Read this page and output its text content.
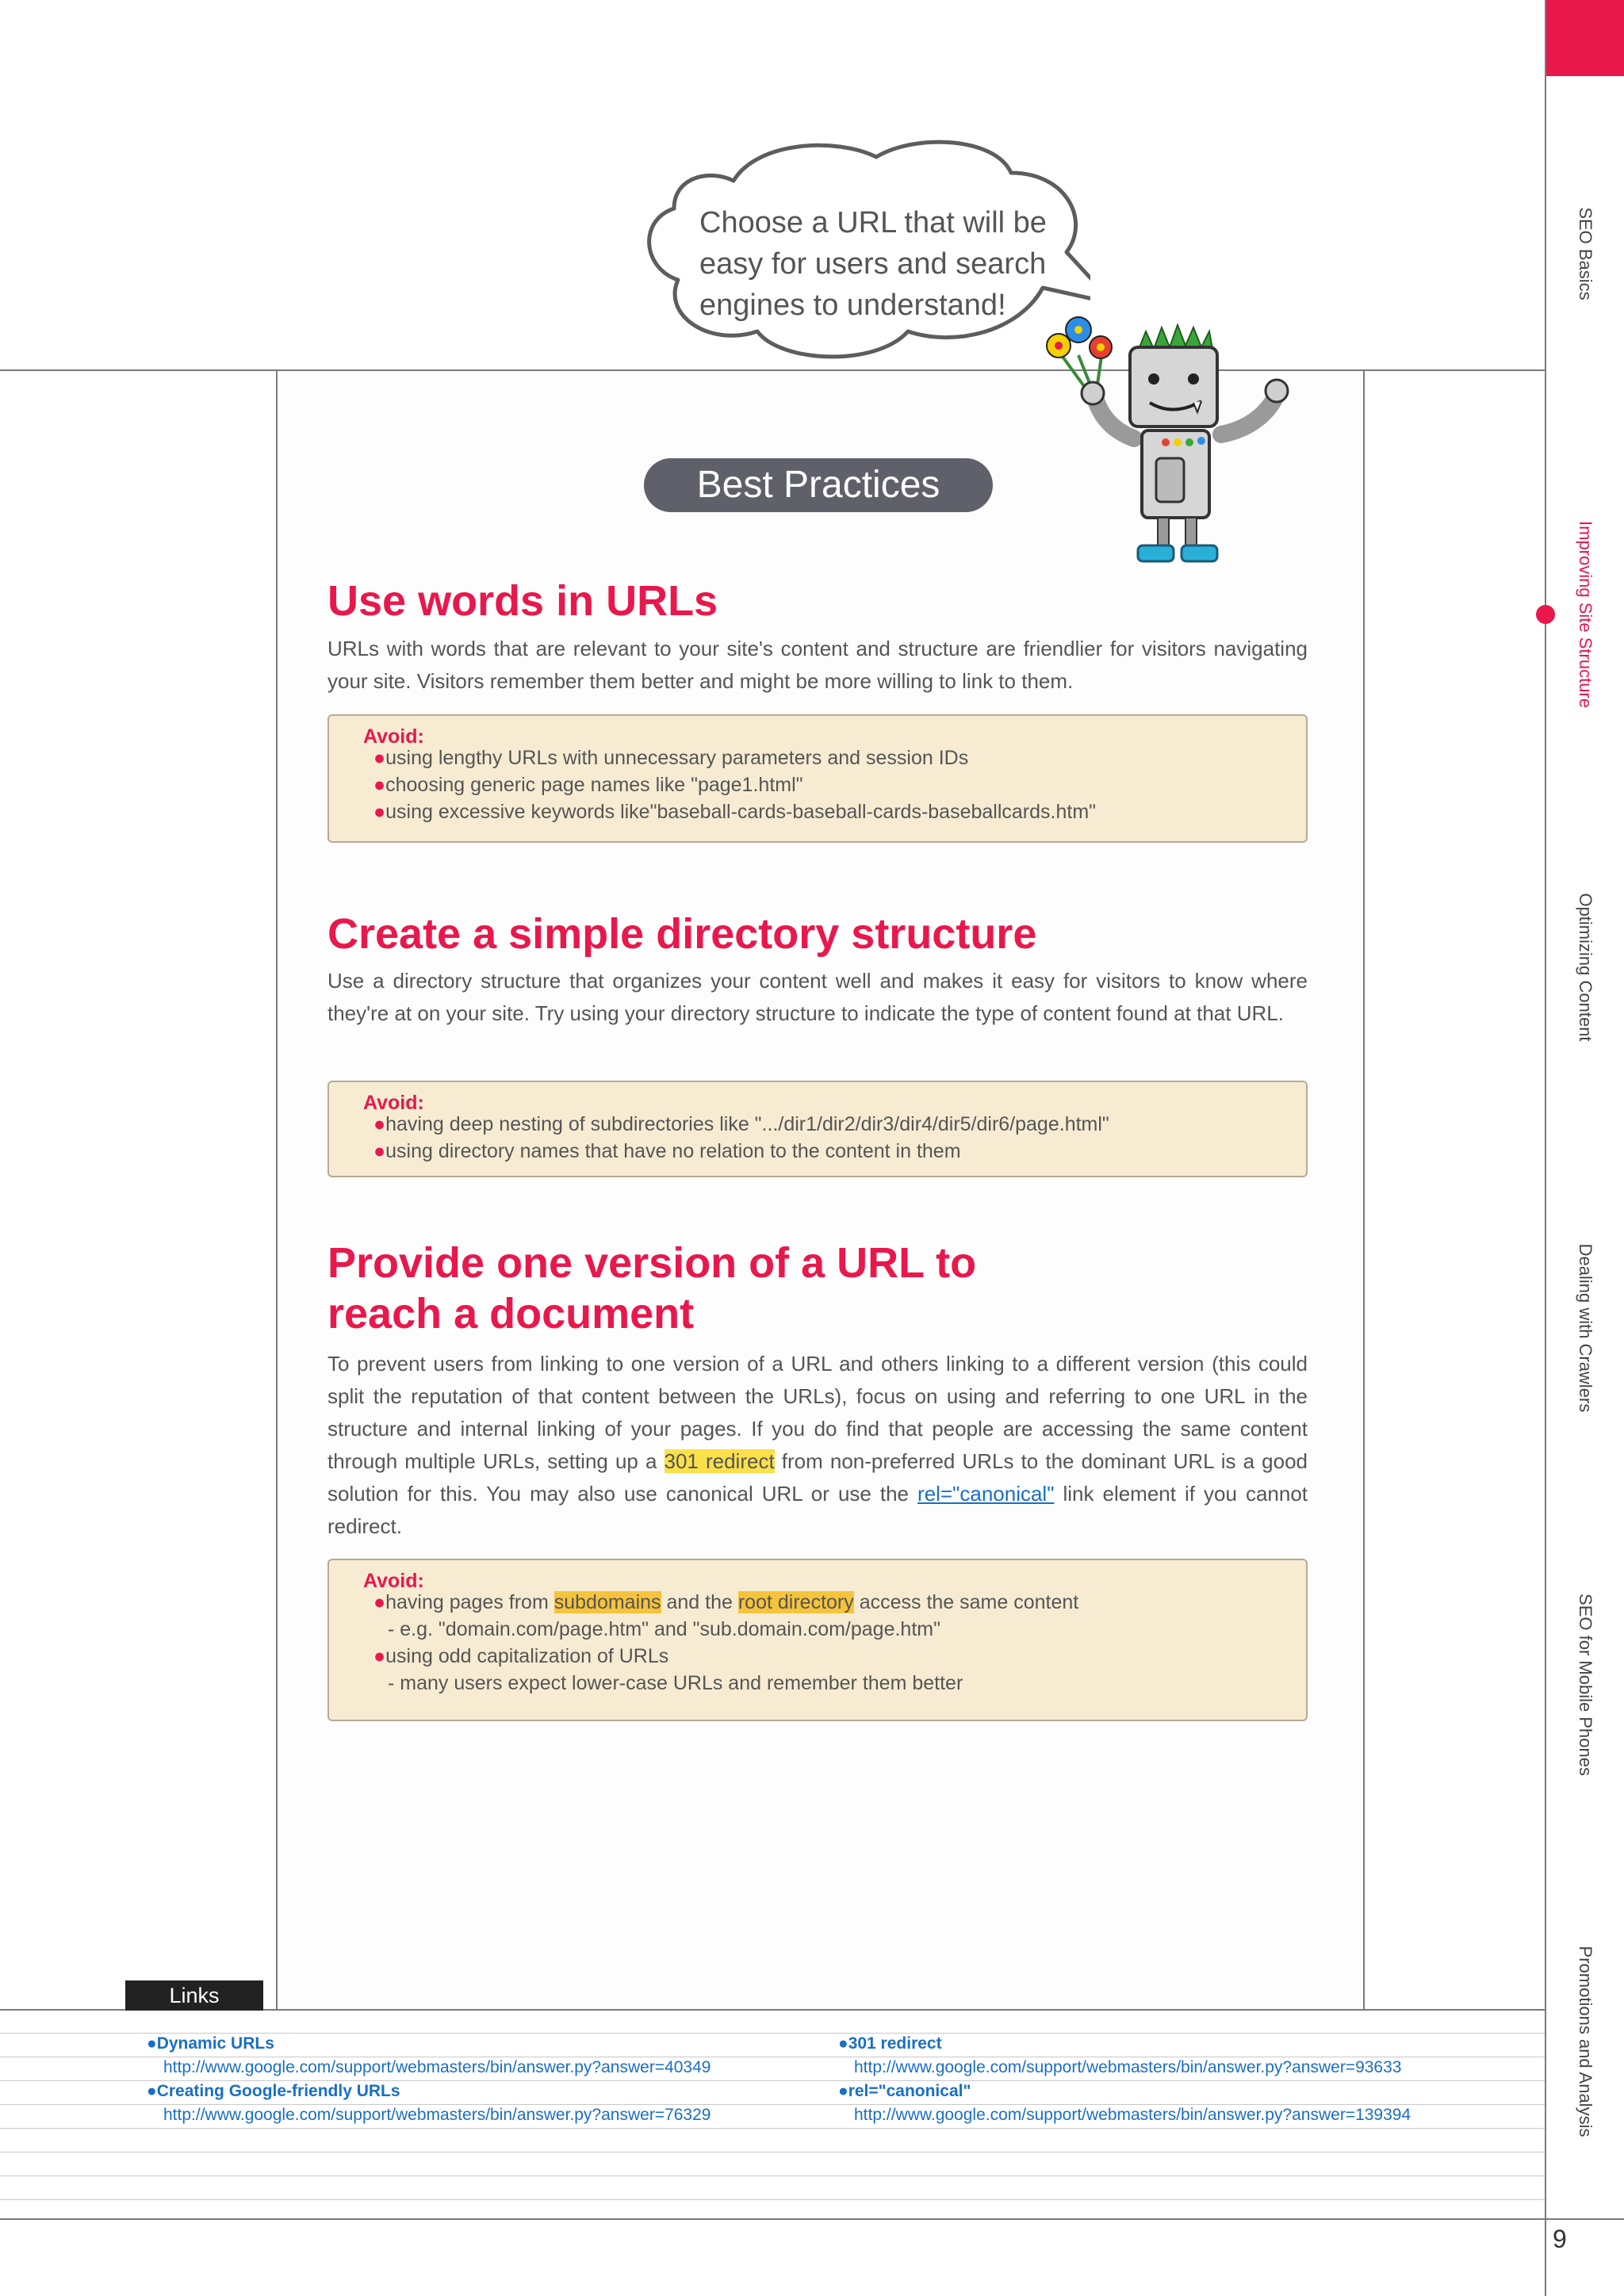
SEO Basics
Improving Site Structure
Optimizing Content
Dealing with Crawlers
SEO for Mobile Phones
Promotions and Analysis
9

Choose a URL that will be
easy for users and search
engines to understand!

Best Practices
Use words in URLs

URLs with words that are relevant to your site's content and structure are friendlier for visitors navigating your site. Visitors remember them better and might be more willing to link to them.

Avoid:
●using lengthy URLs with unnecessary parameters and session IDs
●choosing generic page names like "page1.html"
●using excessive keywords like"baseball-cards-baseball-cards-baseballcards.htm"
Create a simple directory structure

Use a directory structure that organizes your content well and makes it easy for visitors to know where they're at on your site. Try using your directory structure to indicate the type of content found at that URL.

Avoid:
●having deep nesting of subdirectories like ".../dir1/dir2/dir3/dir4/dir5/dir6/page.html"
●using directory names that have no relation to the content in them
Provide one version of a URL to
reach a document

To prevent users from linking to one version of a URL and others linking to a different version (this could split the reputation of that content between the URLs), focus on using and referring to one URL in the structure and internal linking of your pages. If you do find that people are accessing the same content through multiple URLs, setting up a 301 redirect from non-preferred URLs to the dominant URL is a good solution for this. You may also use canonical URL or use the rel="canonical" link element if you cannot redirect.

Avoid:
●having pages from subdomains and the root directory access the same content
- e.g. "domain.com/page.htm" and "sub.domain.com/page.htm"
●using odd capitalization of URLs
- many users expect lower-case URLs and remember them better
Links
●Dynamic URLs
http://www.google.com/support/webmasters/bin/answer.py?answer=40349
●Creating Google-friendly URLs
http://www.google.com/support/webmasters/bin/answer.py?answer=76329
●301 redirect
http://www.google.com/support/webmasters/bin/answer.py?answer=93633
●rel="canonical"
http://www.google.com/support/webmasters/bin/answer.py?answer=139394
